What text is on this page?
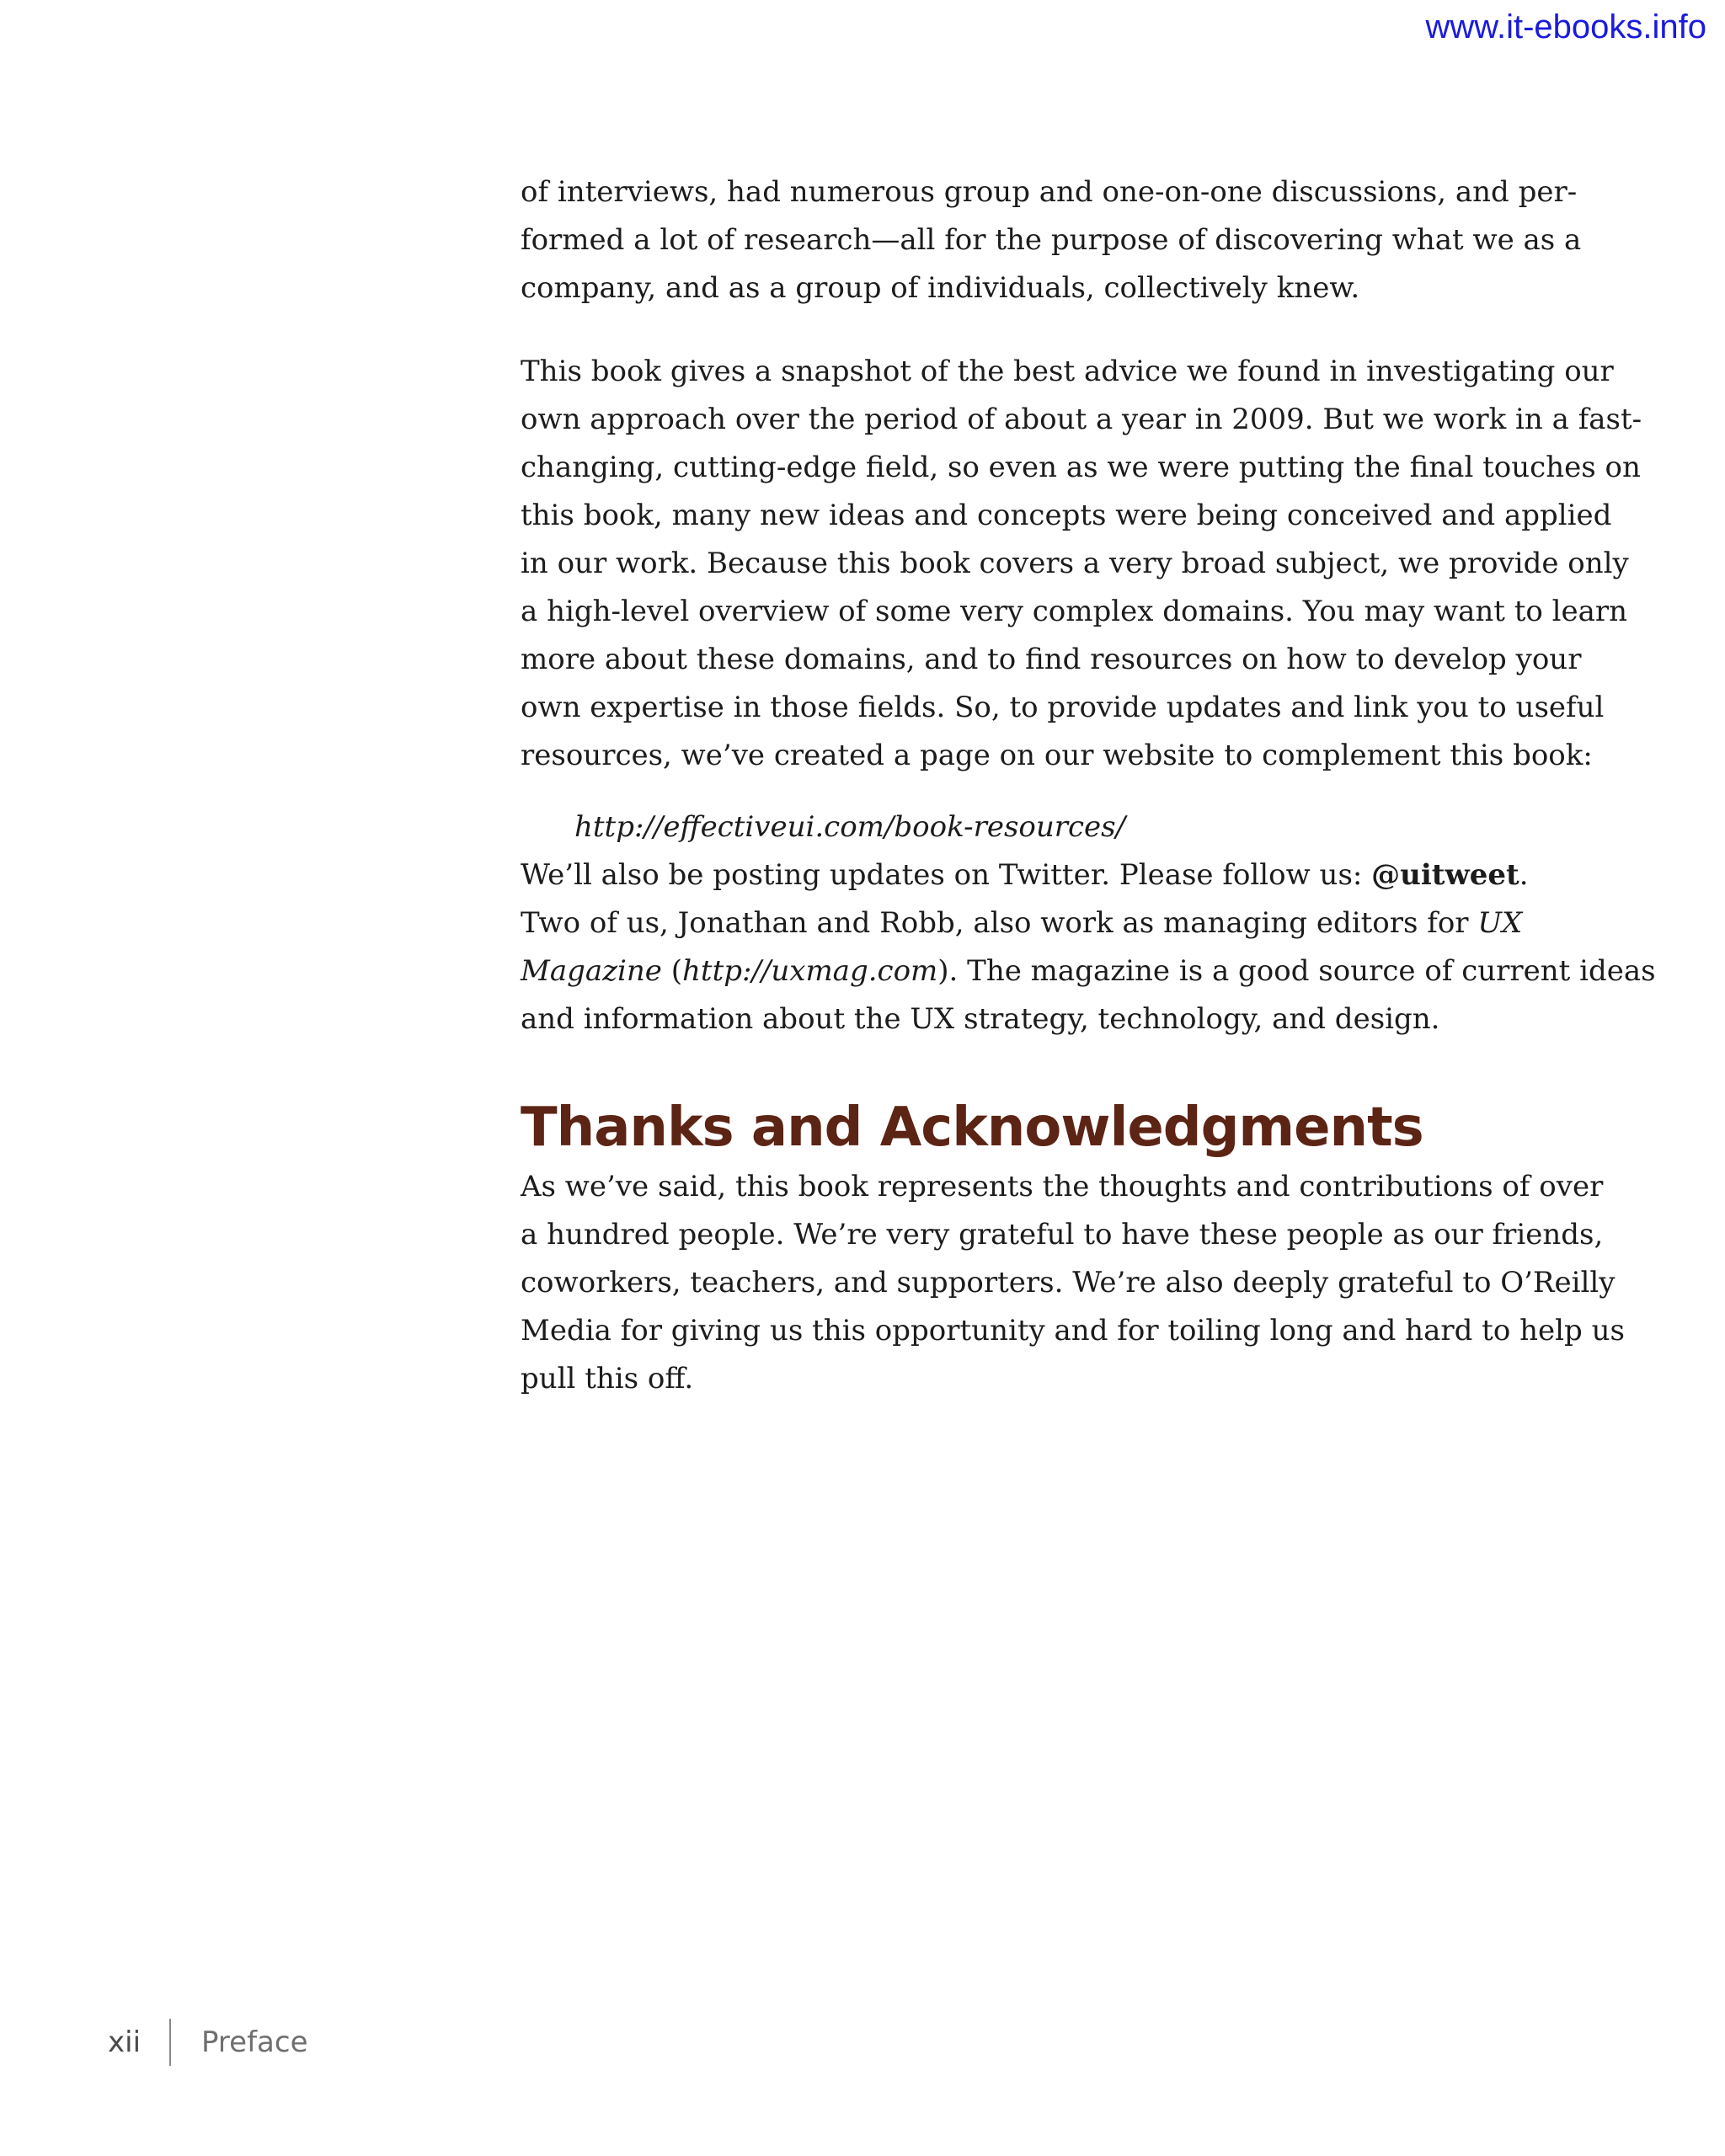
www.it-ebooks.info

of interviews, had numerous group and one-on-one discussions, and per-

formed a lot of research—all for the purpose of discovering what we as a

company, and as a group of individuals, collectively knew.

This book gives a snapshot of the best advice we found in investigating our

own approach over the period of about a year in 2009. But we work in a fast-

changing, cutting-edge field, so even as we were putting the final touches on

this book, many new ideas and concepts were being conceived and applied

in our work. Because this book covers a very broad subject, we provide only

a high-level overview of some very complex domains. You may want to learn

more about these domains, and to find resources on how to develop your

own expertise in those fields. So, to provide updates and link you to useful

resources, we’ve created a page on our website to complement this book:

http://effectiveui.com/book-resources/

We’ll also be posting updates on Twitter. Please follow us: @uitweet.

Two of us, Jonathan and Robb, also work as managing editors for UX

Magazine (http://uxmag.com). The magazine is a good source of current ideas

and information about the UX strategy, technology, and design.

Thanks and Acknowledgments

As we’ve said, this book represents the thoughts and contributions of over

a hundred people. We’re very grateful to have these people as our friends,

coworkers, teachers, and supporters. We’re also deeply grateful to O’Reilly

Media for giving us this opportunity and for toiling long and hard to help us

pull this off.

xii Preface
